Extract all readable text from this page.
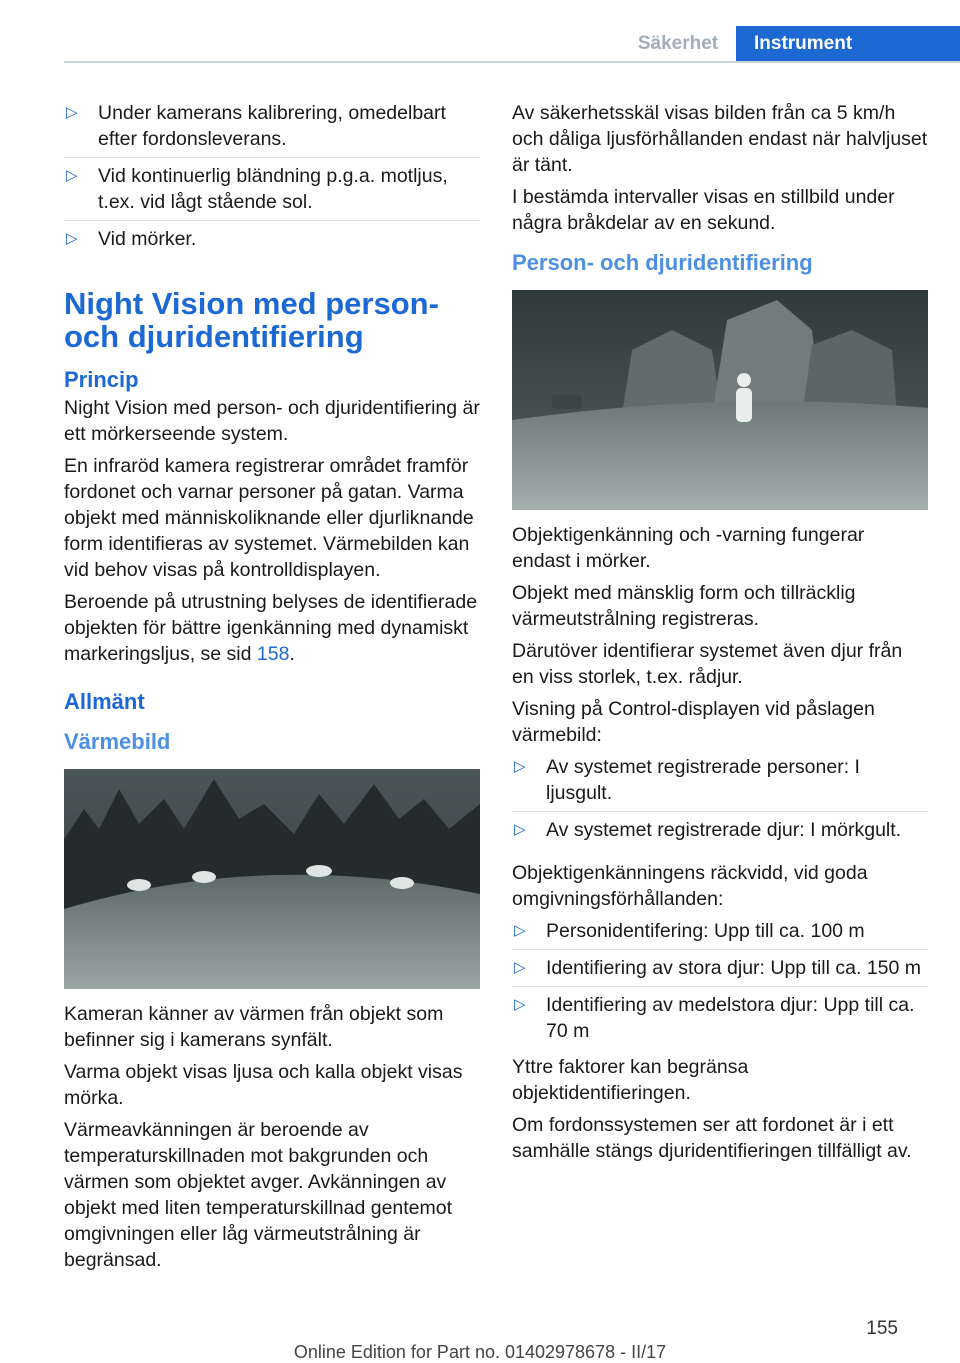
Säkerhet	Instrument
▷ Under kamerans kalibrering, omedelbart efter fordonsleverans.
▷ Vid kontinuerlig bländning p.g.a. motljus, t.ex. vid lågt stående sol.
▷ Vid mörker.
Night Vision med person- och djuridentifiering
Princip

Night Vision med person- och djuridentifiering är ett mörkerseende system.

En infraröd kamera registrerar området framför fordonet och varnar personer på gatan. Varma objekt med människoliknande eller djurliknande form identifieras av systemet. Värmebilden kan vid behov visas på kontrolldisplayen.

Beroende på utrustning belyses de identifierade objekten för bättre igenkänning med dynamiskt markeringsljus, se sid 158.

Allmänt
Värmebild

Kameran känner av värmen från objekt som befinner sig i kamerans synfält.

Varma objekt visas ljusa och kalla objekt visas mörka.

Värmeavkänningen är beroende av temperaturskillnaden mot bakgrunden och värmen som objektet avger. Avkänningen av objekt med liten temperaturskillnad gentemot omgivningen eller låg värmeutstrålning är begränsad.

Av säkerhetsskäl visas bilden från ca 5 km/h och dåliga ljusförhållanden endast när halvljuset är tänt.

I bestämda intervaller visas en stillbild under några bråkdelar av en sekund.

Person- och djuridentifiering

Objektigenkänning och -varning fungerar endast i mörker.

Objekt med mänsklig form och tillräcklig värmeutstrålning registreras.

Därutöver identifierar systemet även djur från en viss storlek, t.ex. rådjur.

Visning på Control-displayen vid påslagen värmebild:

▷ Av systemet registrerade personer: I ljusgult.
▷ Av systemet registrerade djur: I mörkgult.

Objektigenkänningens räckvidd, vid goda omgivningsförhållanden:

▷ Personidentifering: Upp till ca. 100 m
▷ Identifiering av stora djur: Upp till ca. 150 m
▷ Identifiering av medelstora djur: Upp till ca. 70 m

Yttre faktorer kan begränsa objektidentifieringen.

Om fordonssystemen ser att fordonet är i ett samhälle stängs djuridentifieringen tillfälligt av.

155
Online Edition for Part no. 01402978678 - II/17
